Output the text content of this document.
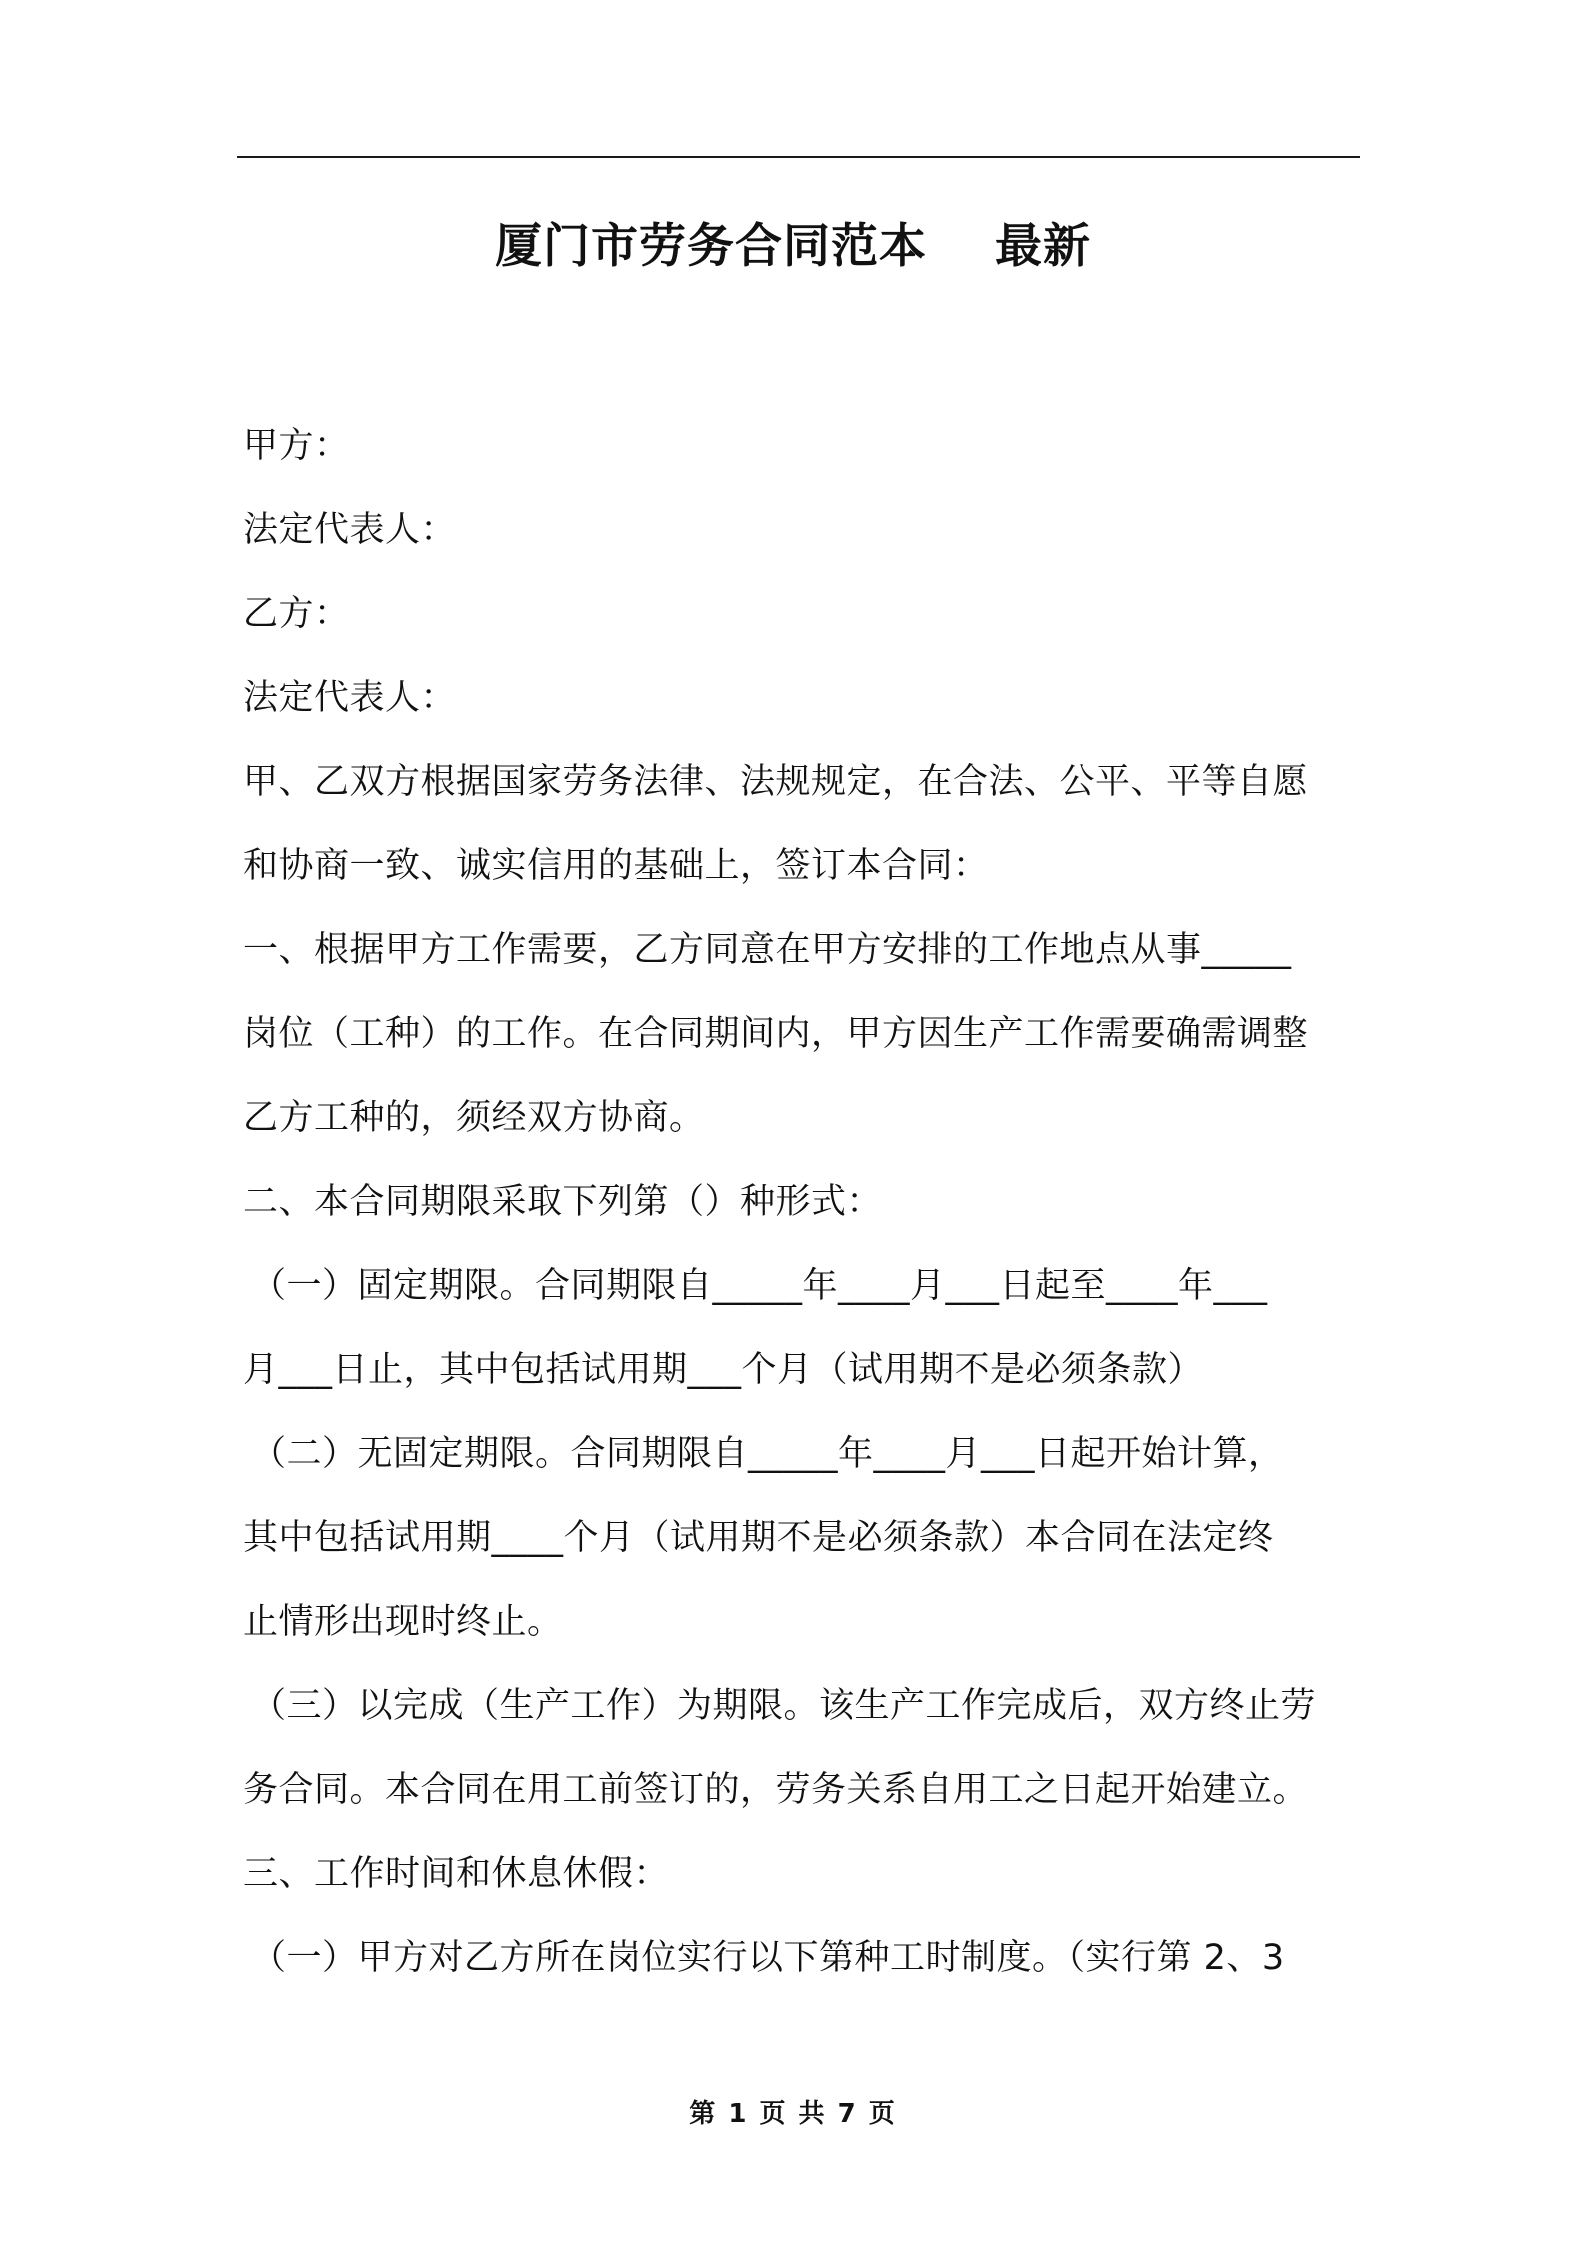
厦门市劳务合同范本 最新
甲方：
法定代表人：
乙方：
法定代表人：
甲、乙双方根据国家劳务法律、法规规定，在合法、公平、平等自愿
和协商一致、诚实信用的基础上，签订本合同：
一、根据甲方工作需要，乙方同意在甲方安排的工作地点从事_____
岗位（工种）的工作。在合同期间内，甲方因生产工作需要确需调整
乙方工种的，须经双方协商。
二、本合同期限采取下列第（）种形式：
（一）固定期限。合同期限自_____年____月___日起至____年___
月___日止，其中包括试用期___个月（试用期不是必须条款）
（二）无固定期限。合同期限自_____年____月___日起开始计算，
其中包括试用期____个月（试用期不是必须条款）本合同在法定终
止情形出现时终止。
（三）以完成（生产工作）为期限。该生产工作完成后，双方终止劳
务合同。本合同在用工前签订的，劳务关系自用工之日起开始建立。
三、工作时间和休息休假：
（一）甲方对乙方所在岗位实行以下第种工时制度。（实行第 2、3
第 1 页 共 7 页
